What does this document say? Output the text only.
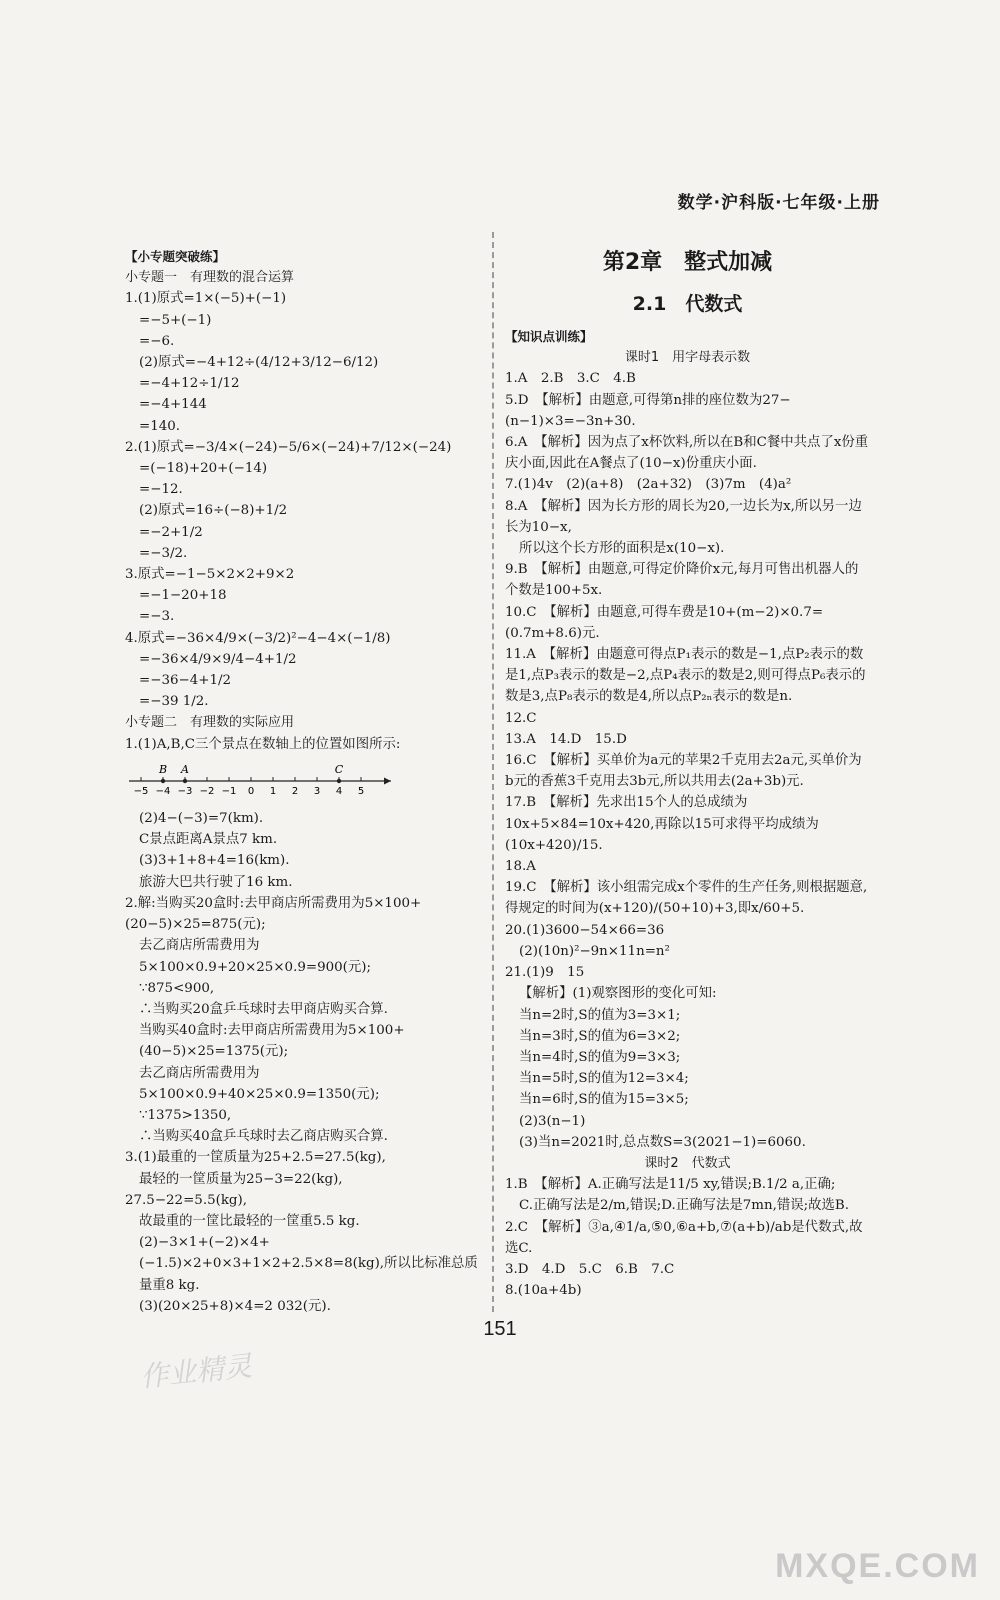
数学·沪科版·七年级·上册
【小专题突破练】
小专题一　有理数的混合运算
1.(1)原式=1×(−5)+(−1)
=−5+(−1)
=−6.
(2)原式=−4+12÷(4/12+3/12−6/12)
=−4+12÷1/12
=−4+144
=140.
2.(1)原式=−3/4×(−24)−5/6×(−24)+7/12×(−24)
=(−18)+20+(−14)
=−12.
(2)原式=16÷(−8)+1/2
=−2+1/2
=−3/2.
3.原式=−1−5×2×2+9×2
=−1−20+18
=−3.
4.原式=−36×4/9×(−3/2)²−4−4×(−1/8)
=−36×4/9×9/4−4+1/2
=−36−4+1/2
=−39 1/2.
小专题二　有理数的实际应用
1.(1)A,B,C三个景点在数轴上的位置如图所示:
−5 −4 −3 −2 −1 0 1 2 3 4 5
B A	C
(2)4−(−3)=7(km).
C景点距离A景点7 km.
(3)3+1+8+4=16(km).
旅游大巴共行驶了16 km.
2.解:当购买20盒时:去甲商店所需费用为5×100+(20−5)×25=875(元);
去乙商店所需费用为5×100×0.9+20×25×0.9=900(元);
∵875<900,
∴当购买20盒乒乓球时去甲商店购买合算.
当购买40盒时:去甲商店所需费用为5×100+(40−5)×25=1375(元);
去乙商店所需费用为5×100×0.9+40×25×0.9=1350(元);
∵1375>1350,
∴当购买40盒乒乓球时去乙商店购买合算.
3.(1)最重的一筐质量为25+2.5=27.5(kg),
最轻的一筐质量为25−3=22(kg),
27.5−22=5.5(kg),
故最重的一筐比最轻的一筐重5.5 kg.
(2)−3×1+(−2)×4+(−1.5)×2+0×3+1×2+2.5×8=8(kg),所以比标准总质量重8 kg.
(3)(20×25+8)×4=2 032(元).
第2章　整式加减
2.1　代数式
【知识点训练】
课时1　用字母表示数
1.A　2.B　3.C　4.B
5.D　【解析】由题意,可得第n排的座位数为27−(n−1)×3=−3n+30.
6.A　【解析】因为点了x杯饮料,所以在B和C餐中共点了x份重庆小面,因此在A餐点了(10−x)份重庆小面.
7.(1)4v　(2)(a+8)　(2a+32)　(3)7m　(4)a²
8.A　【解析】因为长方形的周长为20,一边长为x,所以另一边长为10−x,
所以这个长方形的面积是x(10−x).
9.B　【解析】由题意,可得定价降价x元,每月可售出机器人的个数是100+5x.
10.C　【解析】由题意,可得车费是10+(m−2)×0.7=(0.7m+8.6)元.
11.A　【解析】由题意可得点P₁表示的数是−1,点P₂表示的数是1,点P₃表示的数是−2,点P₄表示的数是2,则可得点P₆表示的数是3,点P₈表示的数是4,所以点P₂ₙ表示的数是n.
12.C
13.A　14.D　15.D
16.C　【解析】买单价为a元的苹果2千克用去2a元,买单价为b元的香蕉3千克用去3b元,所以共用去(2a+3b)元.
17.B　【解析】先求出15个人的总成绩为10x+5×84=10x+420,再除以15可求得平均成绩为(10x+420)/15.
18.A
19.C　【解析】该小组需完成x个零件的生产任务,则根据题意,得规定的时间为(x+120)/(50+10)+3,即x/60+5.
20.(1)3600−54×66=36
(2)(10n)²−9n×11n=n²
21.(1)9　15
【解析】(1)观察图形的变化可知:
当n=2时,S的值为3=3×1;
当n=3时,S的值为6=3×2;
当n=4时,S的值为9=3×3;
当n=5时,S的值为12=3×4;
当n=6时,S的值为15=3×5;
(2)3(n−1)
(3)当n=2021时,总点数S=3(2021−1)=6060.
课时2　代数式
1.B　【解析】A.正确写法是11/5 xy,错误;B.1/2 a,正确;
C.正确写法是2/m,错误;D.正确写法是7mn,错误;故选B.
2.C　【解析】③a,④1/a,⑤0,⑥a+b,⑦(a+b)/ab是代数式,故选C.
3.D　4.D　5.C　6.B　7.C
8.(10a+4b)
151
作业精灵
MXQE.COM
